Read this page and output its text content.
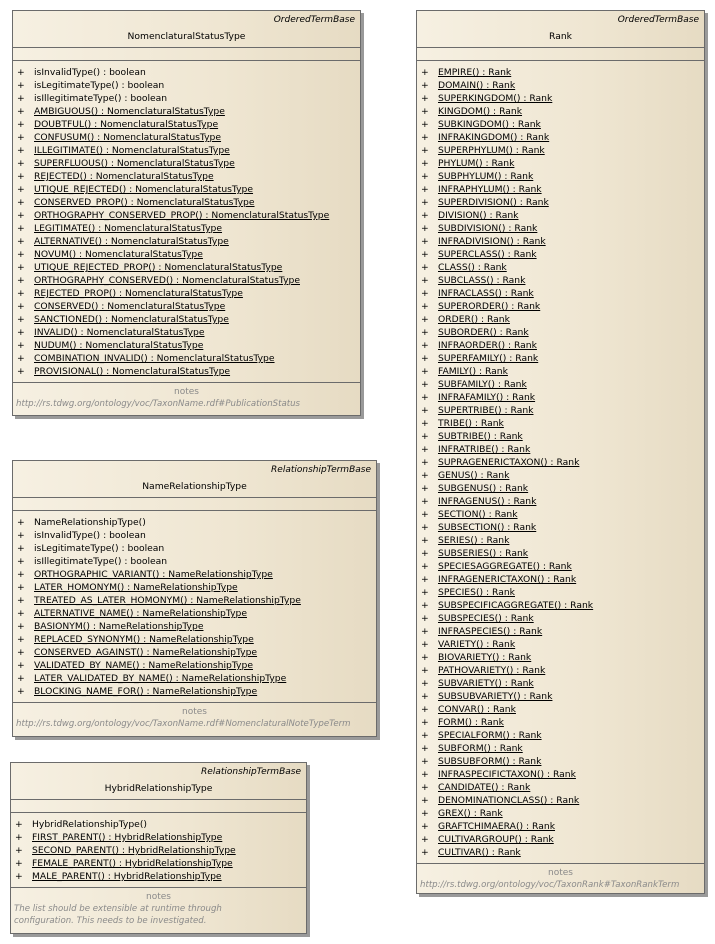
OrderedTermBase
NomenclaturalStatusType
+ isInvalidType() : boolean
+ isLegitimateType() : boolean
+ isIllegitimateType() : boolean
+ AMBIGUOUS() : NomenclaturalStatusType
+ DOUBTFUL() : NomenclaturalStatusType
+ CONFUSUM() : NomenclaturalStatusType
+ ILLEGITIMATE() : NomenclaturalStatusType
+ SUPERFLUOUS() : NomenclaturalStatusType
+ REJECTED() : NomenclaturalStatusType
+ UTIQUE_REJECTED() : NomenclaturalStatusType
+ CONSERVED_PROP() : NomenclaturalStatusType
+ ORTHOGRAPHY_CONSERVED_PROP() : NomenclaturalStatusType
+ LEGITIMATE() : NomenclaturalStatusType
+ ALTERNATIVE() : NomenclaturalStatusType
+ NOVUM() : NomenclaturalStatusType
+ UTIQUE_REJECTED_PROP() : NomenclaturalStatusType
+ ORTHOGRAPHY_CONSERVED() : NomenclaturalStatusType
+ REJECTED_PROP() : NomenclaturalStatusType
+ CONSERVED() : NomenclaturalStatusType
+ SANCTIONED() : NomenclaturalStatusType
+ INVALID() : NomenclaturalStatusType
+ NUDUM() : NomenclaturalStatusType
+ COMBINATION_INVALID() : NomenclaturalStatusType
+ PROVISIONAL() : NomenclaturalStatusType
notes
http://rs.tdwg.org/ontology/voc/TaxonName.rdf#PublicationStatus
RelationshipTermBase
NameRelationshipType
+ NameRelationshipType()
+ isInvalidType() : boolean
+ isLegitimateType() : boolean
+ isIllegitimateType() : boolean
+ ORTHOGRAPHIC_VARIANT() : NameRelationshipType
+ LATER_HOMONYM() : NameRelationshipType
+ TREATED_AS_LATER_HOMONYM() : NameRelationshipType
+ ALTERNATIVE_NAME() : NameRelationshipType
+ BASIONYM() : NameRelationshipType
+ REPLACED_SYNONYM() : NameRelationshipType
+ CONSERVED_AGAINST() : NameRelationshipType
+ VALIDATED_BY_NAME() : NameRelationshipType
+ LATER_VALIDATED_BY_NAME() : NameRelationshipType
+ BLOCKING_NAME_FOR() : NameRelationshipType
notes
http://rs.tdwg.org/ontology/voc/TaxonName.rdf#NomenclaturalNoteTypeTerm
RelationshipTermBase
HybridRelationshipType
+ HybridRelationshipType()
+ FIRST_PARENT() : HybridRelationshipType
+ SECOND_PARENT() : HybridRelationshipType
+ FEMALE_PARENT() : HybridRelationshipType
+ MALE_PARENT() : HybridRelationshipType
notes
The list should be extensible at runtime through
configuration. This needs to be investigated.
OrderedTermBase
Rank
+ EMPIRE() : Rank
+ DOMAIN() : Rank
+ SUPERKINGDOM() : Rank
+ KINGDOM() : Rank
+ SUBKINGDOM() : Rank
+ INFRAKINGDOM() : Rank
+ SUPERPHYLUM() : Rank
+ PHYLUM() : Rank
+ SUBPHYLUM() : Rank
+ INFRAPHYLUM() : Rank
+ SUPERDIVISION() : Rank
+ DIVISION() : Rank
+ SUBDIVISION() : Rank
+ INFRADIVISION() : Rank
+ SUPERCLASS() : Rank
+ CLASS() : Rank
+ SUBCLASS() : Rank
+ INFRACLASS() : Rank
+ SUPERORDER() : Rank
+ ORDER() : Rank
+ SUBORDER() : Rank
+ INFRAORDER() : Rank
+ SUPERFAMILY() : Rank
+ FAMILY() : Rank
+ SUBFAMILY() : Rank
+ INFRAFAMILY() : Rank
+ SUPERTRIBE() : Rank
+ TRIBE() : Rank
+ SUBTRIBE() : Rank
+ INFRATRIBE() : Rank
+ SUPRAGENERICTAXON() : Rank
+ GENUS() : Rank
+ SUBGENUS() : Rank
+ INFRAGENUS() : Rank
+ SECTION() : Rank
+ SUBSECTION() : Rank
+ SERIES() : Rank
+ SUBSERIES() : Rank
+ SPECIESAGGREGATE() : Rank
+ INFRAGENERICTAXON() : Rank
+ SPECIES() : Rank
+ SUBSPECIFICAGGREGATE() : Rank
+ SUBSPECIES() : Rank
+ INFRASPECIES() : Rank
+ VARIETY() : Rank
+ BIOVARIETY() : Rank
+ PATHOVARIETY() : Rank
+ SUBVARIETY() : Rank
+ SUBSUBVARIETY() : Rank
+ CONVAR() : Rank
+ FORM() : Rank
+ SPECIALFORM() : Rank
+ SUBFORM() : Rank
+ SUBSUBFORM() : Rank
+ INFRASPECIFICTAXON() : Rank
+ CANDIDATE() : Rank
+ DENOMINATIONCLASS() : Rank
+ GREX() : Rank
+ GRAFTCHIMAERA() : Rank
+ CULTIVARGROUP() : Rank
+ CULTIVAR() : Rank
notes
http://rs.tdwg.org/ontology/voc/TaxonRank#TaxonRankTerm
